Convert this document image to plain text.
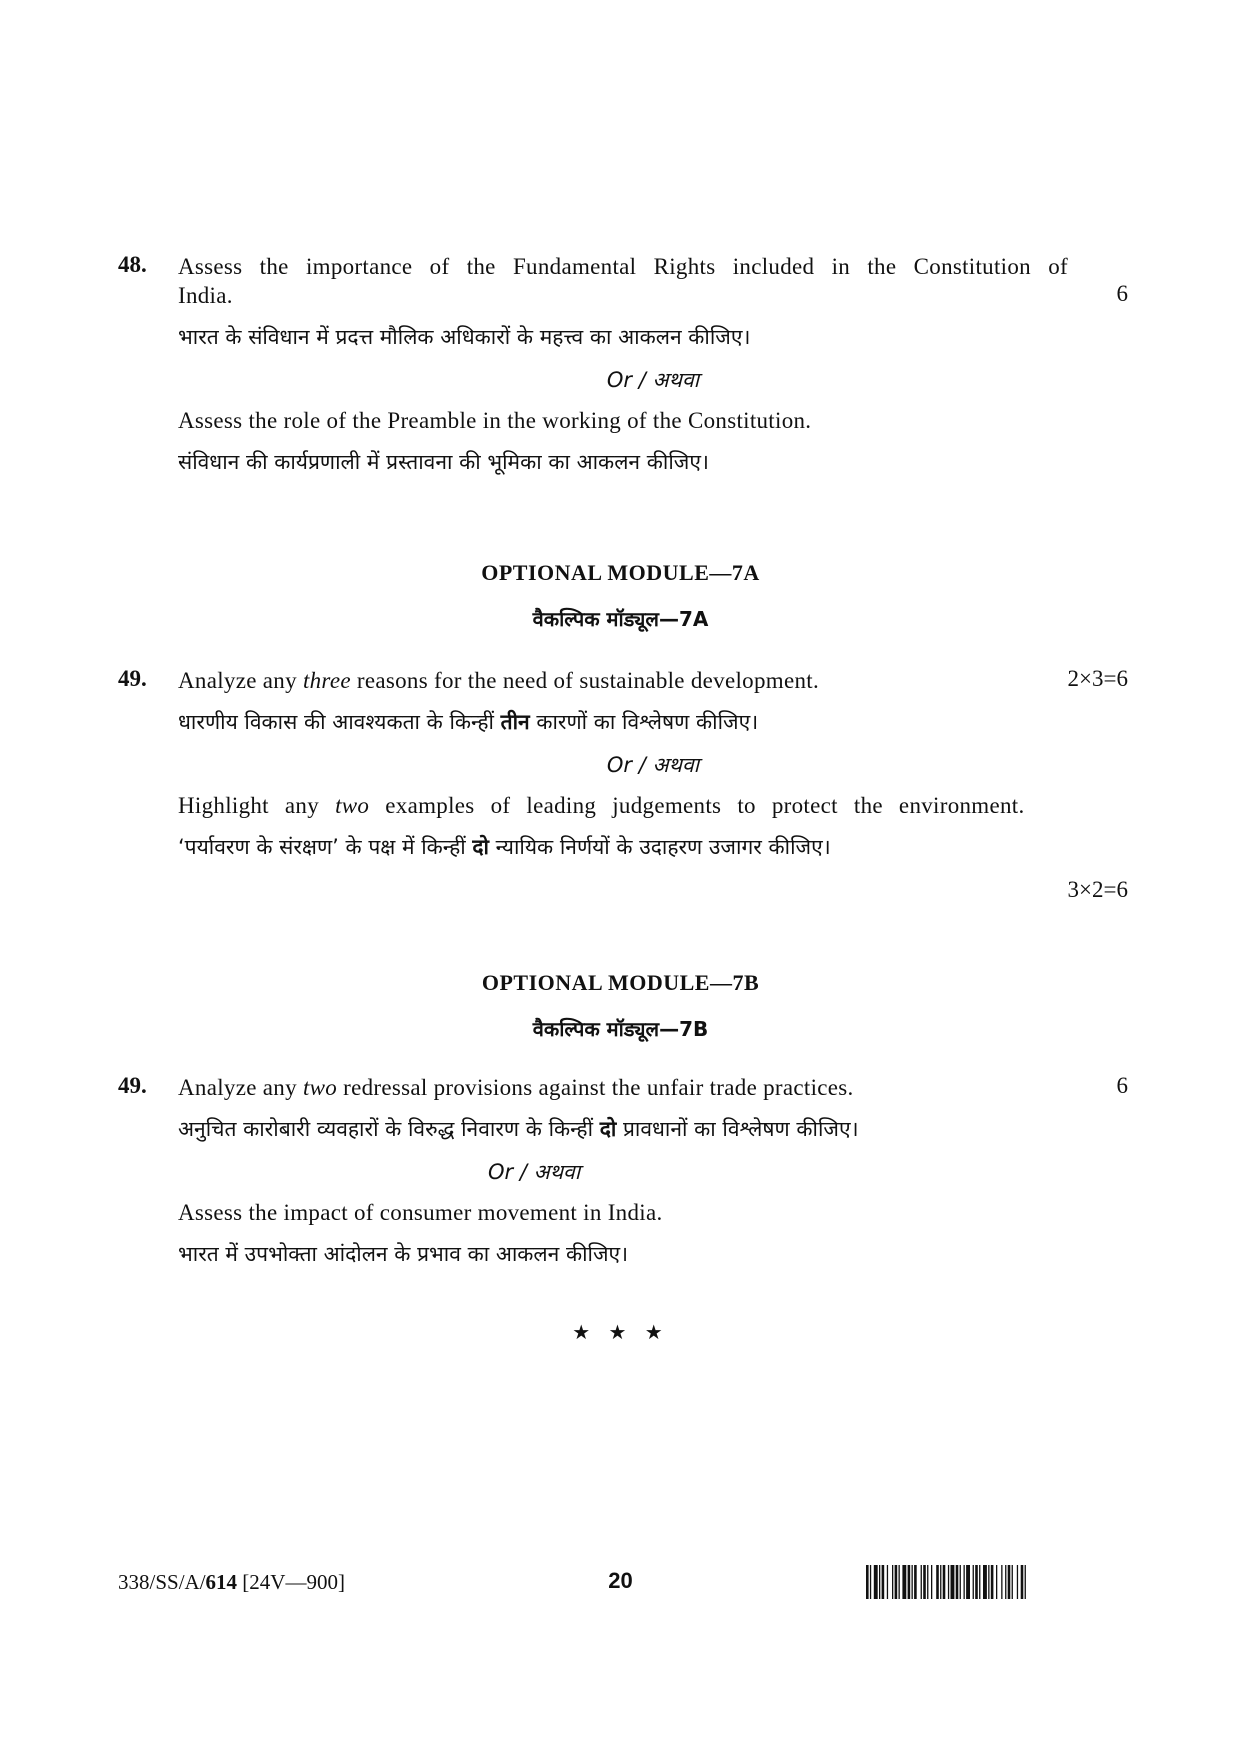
48. Assess the importance of the Fundamental Rights included in the Constitution of India.	6
भारत के संविधान में प्रदत्त मौलिक अधिकारों के महत्त्व का आकलन कीजिए।
Or / अथवा
Assess the role of the Preamble in the working of the Constitution.
संविधान की कार्यप्रणाली में प्रस्तावना की भूमिका का आकलन कीजिए।
OPTIONAL MODULE—7A
वैकल्पिक मॉड्यूल—7A
49. Analyze any three reasons for the need of sustainable development.	2×3=6
धारणीय विकास की आवश्यकता के किन्हीं तीन कारणों का विश्लेषण कीजिए।
Or / अथवा
Highlight any two examples of leading judgements to protect the environment.
3×2=6
‘पर्यावरण के संरक्षण’ के पक्ष में किन्हीं दो न्यायिक निर्णयों के उदाहरण उजागर कीजिए।
OPTIONAL MODULE—7B
वैकल्पिक मॉड्यूल—7B
49. Analyze any two redressal provisions against the unfair trade practices.	6
अनुचित कारोबारी व्यवहारों के विरुद्ध निवारण के किन्हीं दो प्रावधानों का विश्लेषण कीजिए।
Or / अथवा
Assess the impact of consumer movement in India.
भारत में उपभोक्ता आंदोलन के प्रभाव का आकलन कीजिए।
★ ★ ★
338/SS/A/614 [24V—900]	20
